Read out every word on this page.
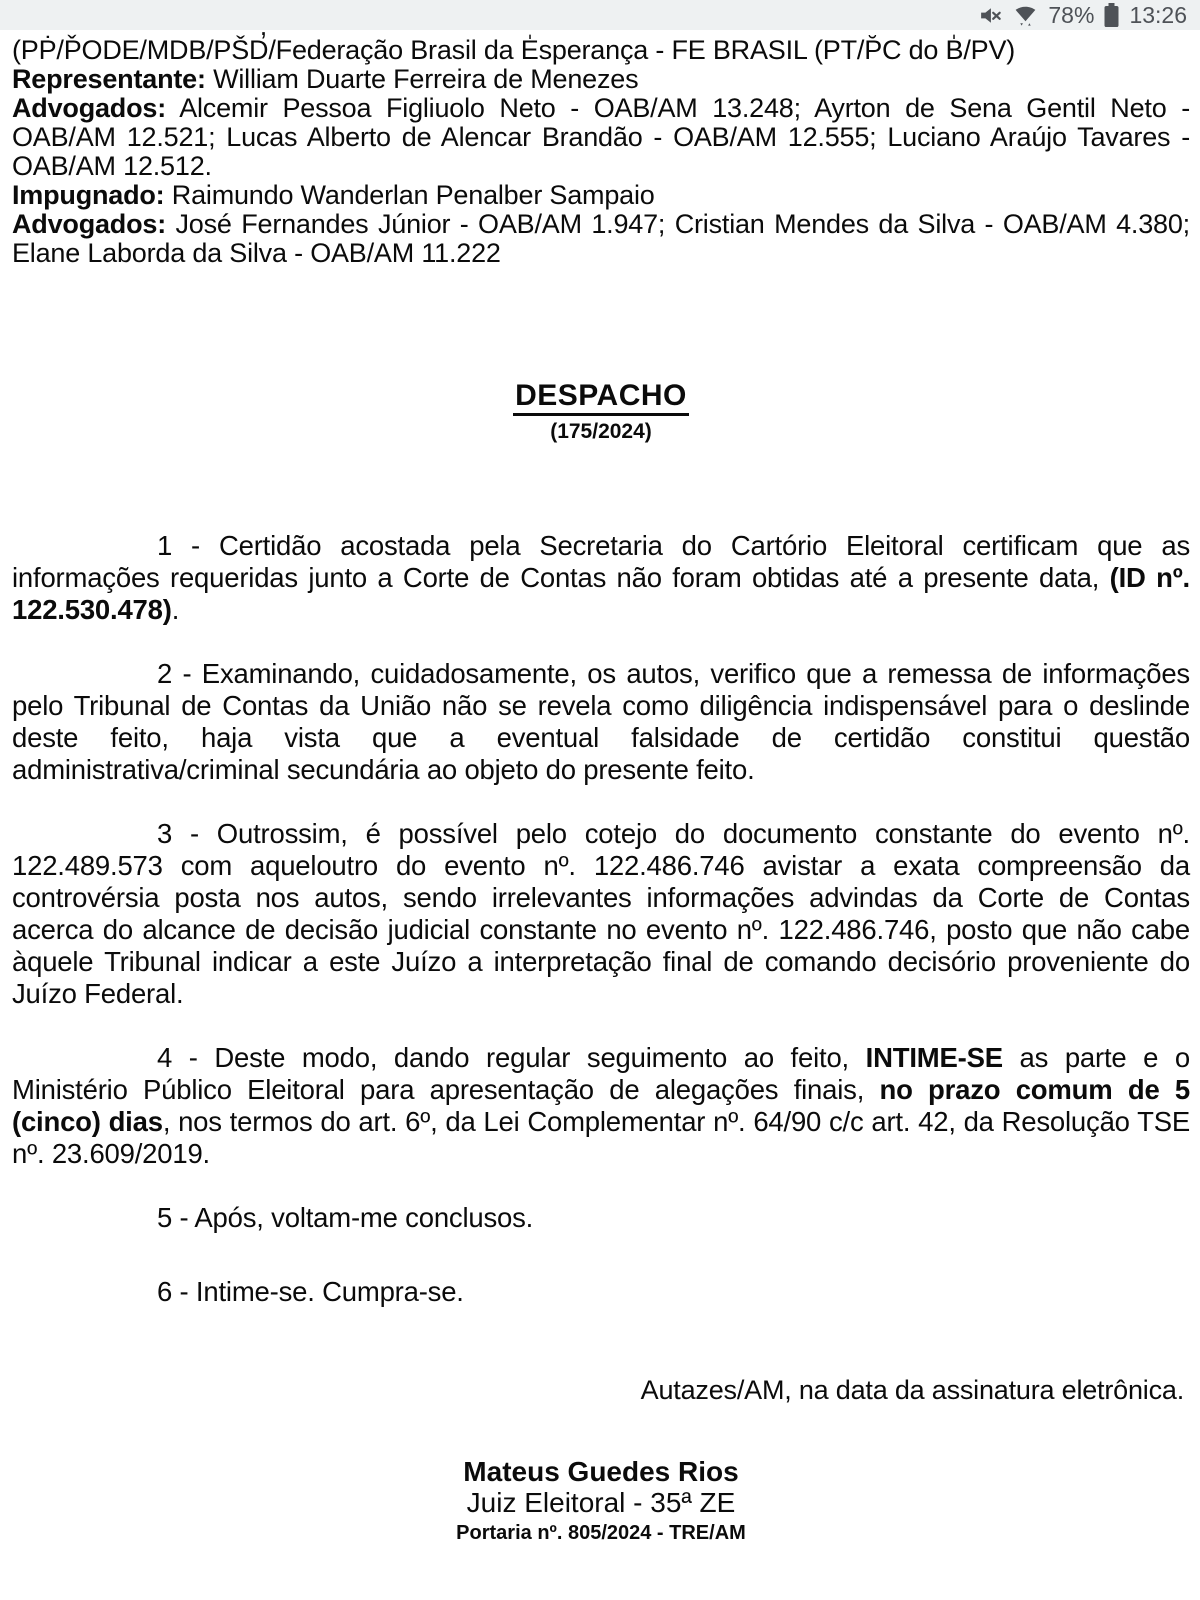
78% 13:26

(PṖ/P̌ODE/MDB/PŠD̕/Federação Brasil da E̍sperança - FE BRASIL (PT/P̆C do B̍/PV)

Representante: William Duarte Ferreira de Menezes

Advogados: Alcemir Pessoa Figliuolo Neto - OAB/AM 13.248; Ayrton de Sena Gentil Neto - OAB/AM 12.521; Lucas Alberto de Alencar Brandão - OAB/AM 12.555; Luciano Araújo Tavares - OAB/AM 12.512.

Impugnado: Raimundo Wanderlan Penalber Sampaio

Advogados: José Fernandes Júnior - OAB/AM 1.947; Cristian Mendes da Silva - OAB/AM 4.380; Elane Laborda da Silva - OAB/AM 11.222

DESPACHO
(175/2024)

1 - Certidão acostada pela Secretaria do Cartório Eleitoral certificam que as informações requeridas junto a Corte de Contas não foram obtidas até a presente data, (ID nº. 122.530.478).

2 - Examinando, cuidadosamente, os autos, verifico que a remessa de informações pelo Tribunal de Contas da União não se revela como diligência indispensável para o deslinde deste feito, haja vista que a eventual falsidade de certidão constitui questão administrativa/criminal secundária ao objeto do presente feito.

3 - Outrossim, é possível pelo cotejo do documento constante do evento nº. 122.489.573 com aqueloutro do evento nº. 122.486.746 avistar a exata compreensão da controvérsia posta nos autos, sendo irrelevantes informações advindas da Corte de Contas acerca do alcance de decisão judicial constante no evento nº. 122.486.746, posto que não cabe àquele Tribunal indicar a este Juízo a interpretação final de comando decisório proveniente do Juízo Federal.

4 - Deste modo, dando regular seguimento ao feito, INTIME-SE as parte e o Ministério Público Eleitoral para apresentação de alegações finais, no prazo comum de 5 (cinco) dias, nos termos do art. 6º, da Lei Complementar nº. 64/90 c/c art. 42, da Resolução TSE nº. 23.609/2019.

5 - Após, voltam-me conclusos.

6 - Intime-se. Cumpra-se.

Autazes/AM, na data da assinatura eletrônica.

Mateus Guedes Rios

Juiz Eleitoral - 35ª ZE

Portaria nº. 805/2024 - TRE/AM
